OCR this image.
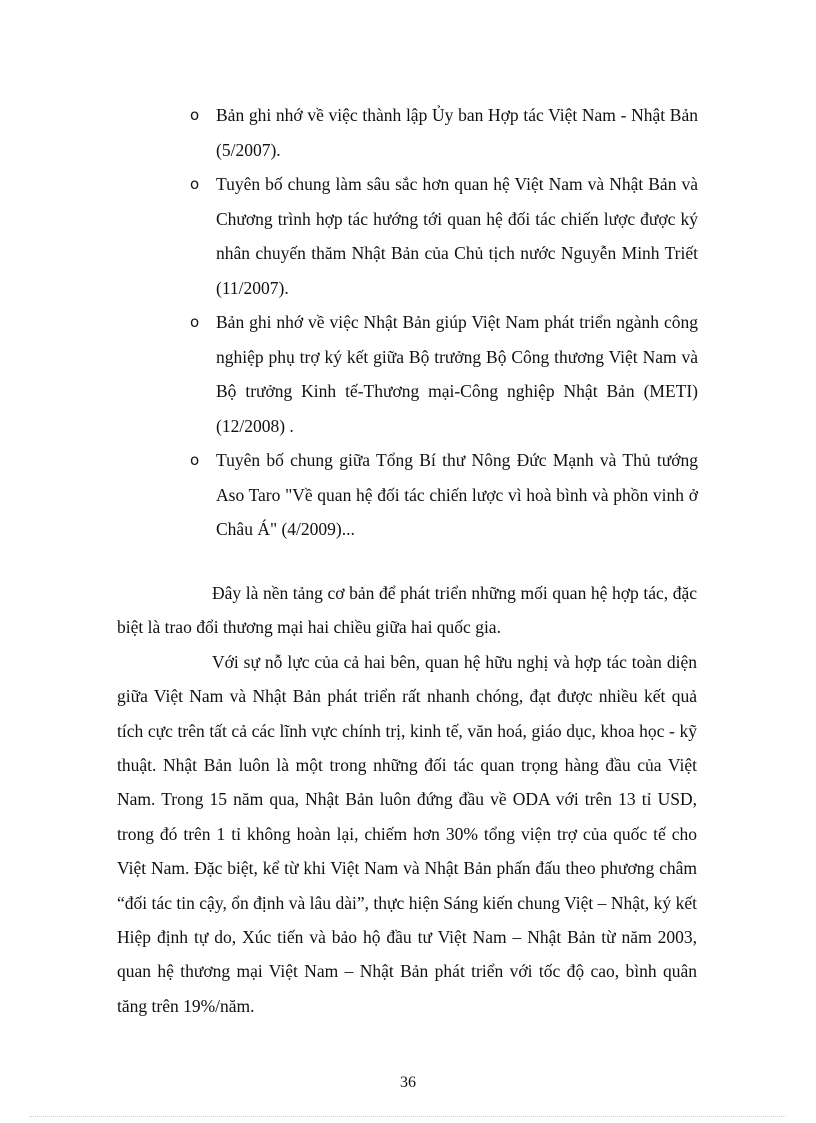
o Bản ghi nhớ về việc thành lập Ủy ban Hợp tác Việt Nam - Nhật Bản (5/2007).
o Tuyên bố chung làm sâu sắc hơn quan hệ Việt Nam và Nhật Bản và Chương trình hợp tác hướng tới quan hệ đối tác chiến lược được ký nhân chuyến thăm Nhật Bản của Chủ tịch nước Nguyễn Minh Triết (11/2007).
o Bản ghi nhớ về việc Nhật Bản giúp Việt Nam phát triển ngành công nghiệp phụ trợ ký kết giữa Bộ trưởng Bộ Công thương Việt Nam và Bộ trưởng Kinh tế-Thương mại-Công nghiệp Nhật Bản (METI) (12/2008) .
o Tuyên bố chung giữa Tổng Bí thư Nông Đức Mạnh và Thủ tướng Aso Taro "Về quan hệ đối tác chiến lược vì hoà bình và phồn vinh ở Châu Á" (4/2009)...

Đây là nền tảng cơ bản để phát triển những mối quan hệ hợp tác, đặc biệt là trao đổi thương mại hai chiều giữa hai quốc gia.

Với sự nỗ lực của cả hai bên, quan hệ hữu nghị và hợp tác toàn diện giữa Việt Nam và Nhật Bản phát triển rất nhanh chóng, đạt được nhiều kết quả tích cực trên tất cả các lĩnh vực chính trị, kinh tế, văn hoá, giáo dục, khoa học - kỹ thuật. Nhật Bản luôn là một trong những đối tác quan trọng hàng đầu của Việt Nam. Trong 15 năm qua, Nhật Bản luôn đứng đầu về ODA với trên 13 tỉ USD, trong đó trên 1 tỉ không hoàn lại, chiếm hơn 30% tổng viện trợ của quốc tế cho Việt Nam. Đặc biệt, kể từ khi Việt Nam và Nhật Bản phấn đấu theo phương châm “đối tác tin cậy, ổn định và lâu dài”, thực hiện Sáng kiến chung Việt – Nhật, ký kết Hiệp định tự do, Xúc tiến và bảo hộ đầu tư Việt Nam – Nhật Bản từ năm 2003, quan hệ thương mại Việt Nam – Nhật Bản phát triển với tốc độ cao, bình quân tăng trên 19%/năm.

36
